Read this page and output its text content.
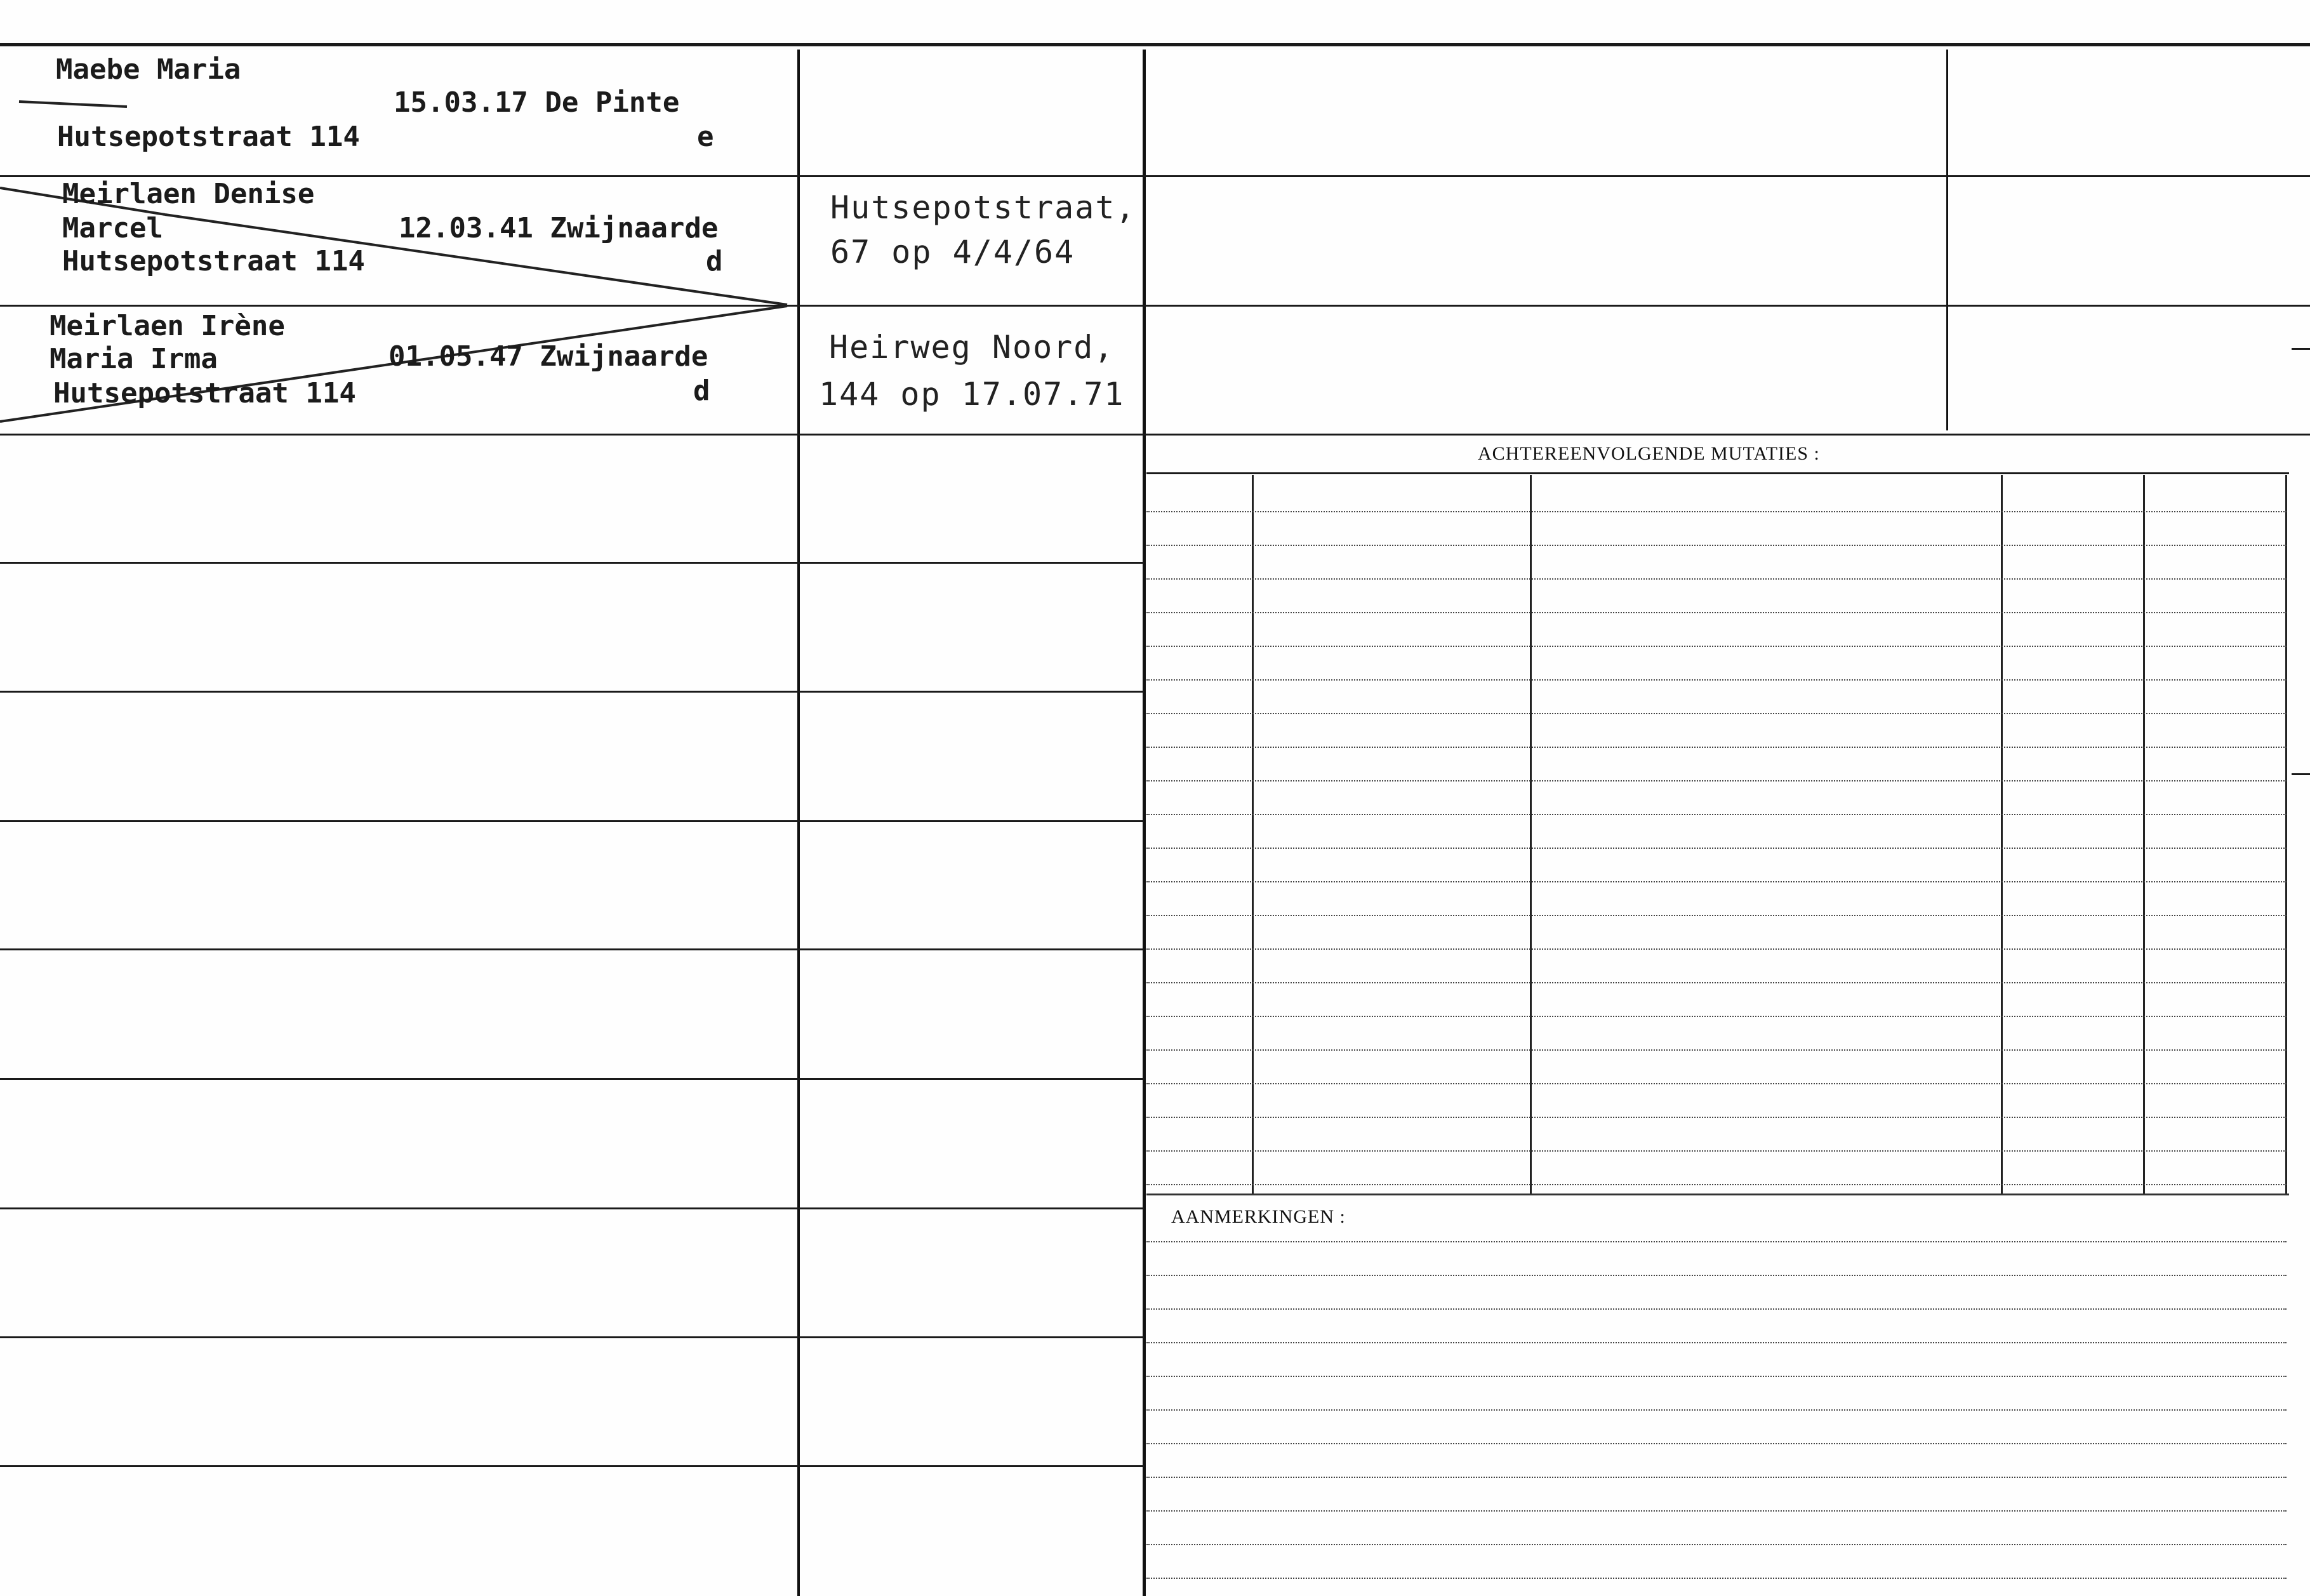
ACHTEREENVOLGENDE MUTATIES :
AANMERKINGEN :
Maebe Maria
Hutsepotstraat 114
15.03.17 De Pinte
e
Meirlaen Denise
Marcel
Hutsepotstraat 114
12.03.41 Zwijnaarde
d
Hutsepotstraat,
67 op 4/4/64
Meirlaen Irène
Maria Irma
Hutsepotstraat 114
01.05.47 Zwijnaarde
d
Heirweg Noord,
144 op 17.07.71
